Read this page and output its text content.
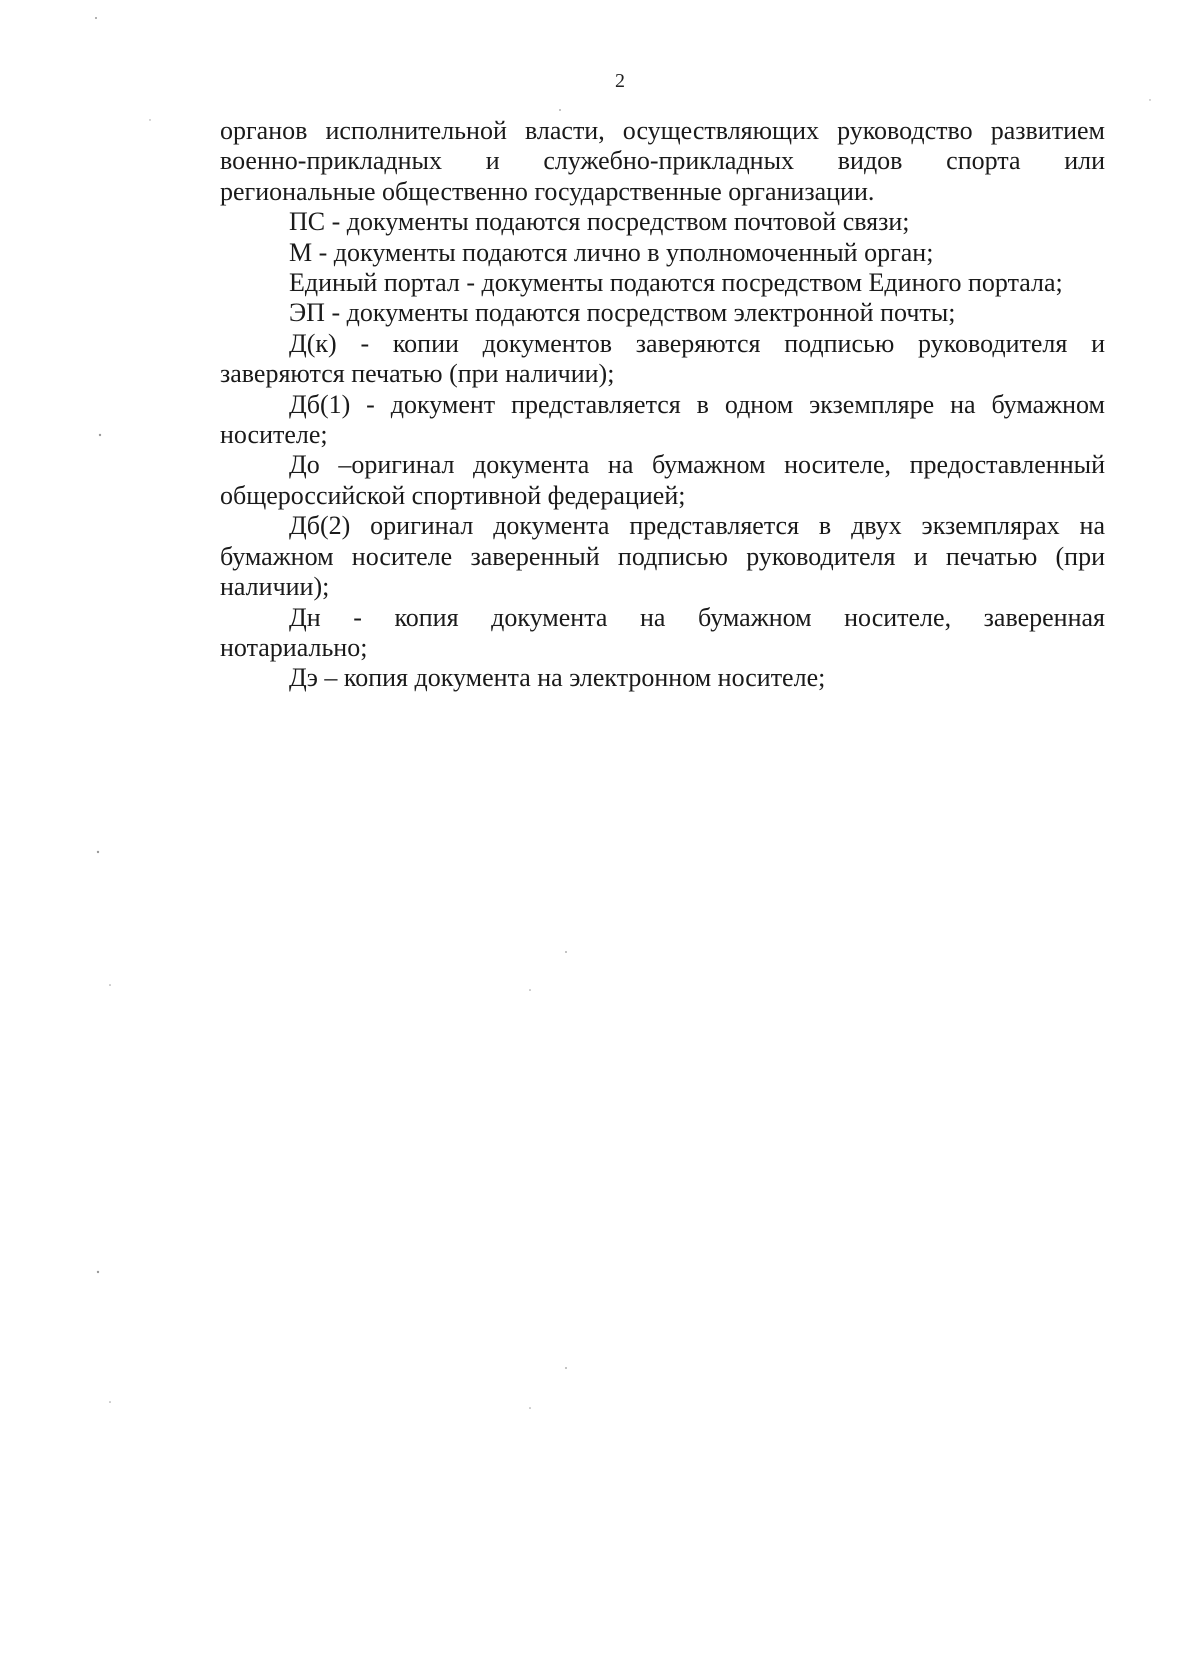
2

органов исполнительной власти, осуществляющих руководство развитием

военно-прикладных и служебно-прикладных видов спорта или

региональные общественно государственные организации.

ПС - документы подаются посредством почтовой связи;

М - документы подаются лично в уполномоченный орган;

Единый портал - документы подаются посредством Единого портала;

ЭП - документы подаются посредством электронной почты;

Д(к) - копии документов заверяются подписью руководителя и

заверяются печатью (при наличии);

Дб(1) - документ представляется в одном экземпляре на бумажном

носителе;

До –оригинал документа на бумажном носителе, предоставленный

общероссийской спортивной федерацией;

Дб(2) оригинал документа представляется в двух экземплярах на

бумажном носителе заверенный подписью руководителя и печатью (при

наличии);

Дн - копия документа на бумажном носителе, заверенная

нотариально;

Дэ – копия документа на электронном носителе;
